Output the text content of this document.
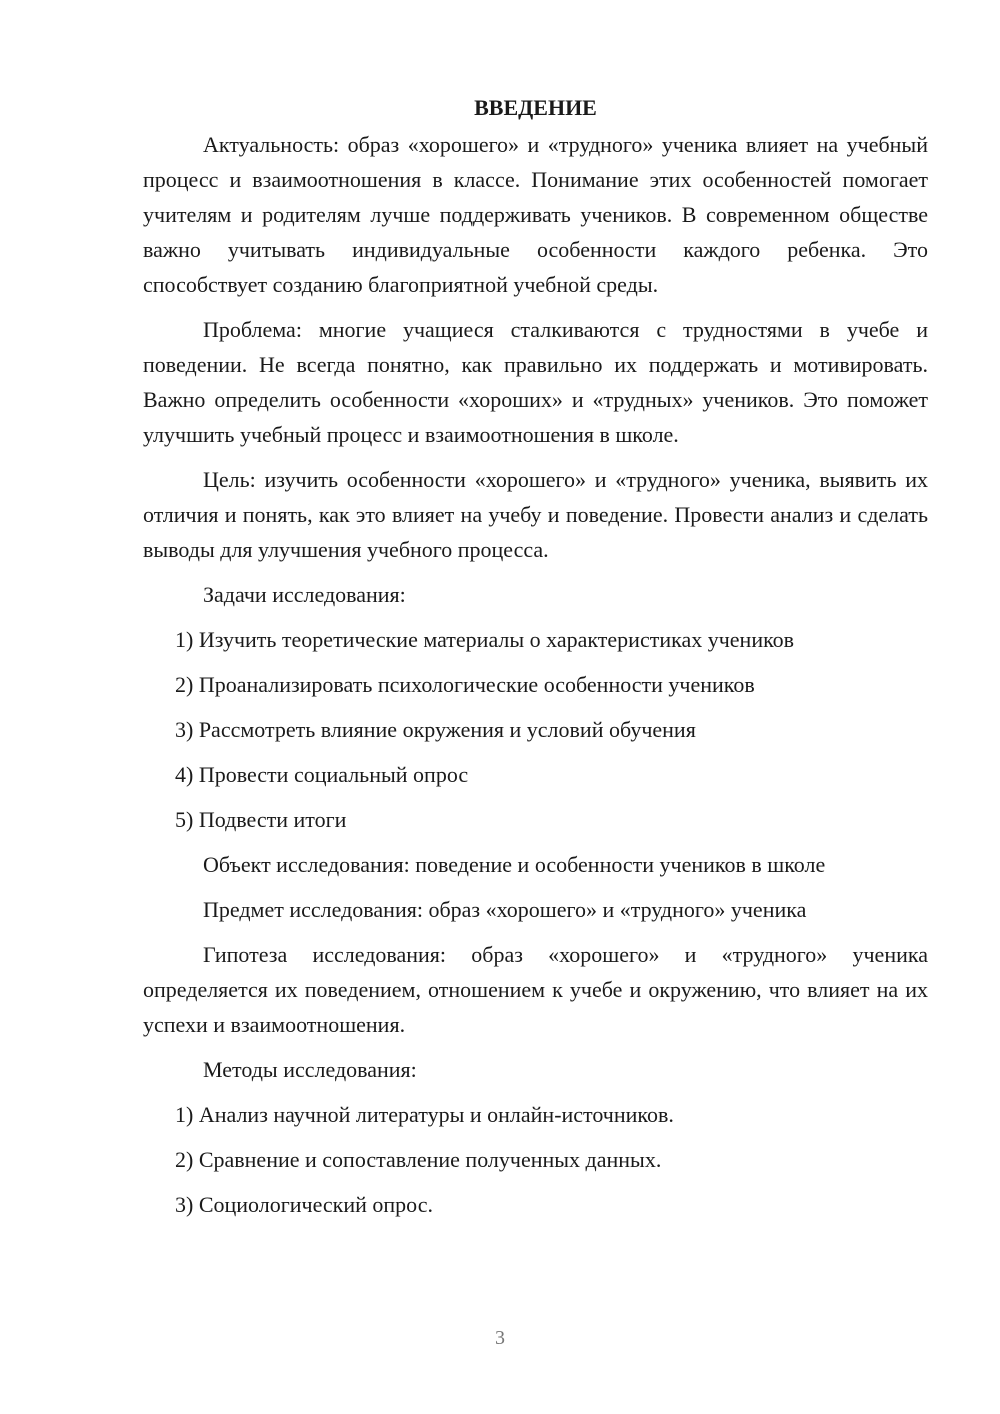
ВВЕДЕНИЕ

Актуальность: образ «хорошего» и «трудного» ученика влияет на учебный процесс и взаимоотношения в классе. Понимание этих особенностей помогает учителям и родителям лучше поддерживать учеников. В современном обществе важно учитывать индивидуальные особенности каждого ребенка. Это способствует созданию благоприятной учебной среды.

Проблема: многие учащиеся сталкиваются с трудностями в учебе и поведении. Не всегда понятно, как правильно их поддержать и мотивировать. Важно определить особенности «хороших» и «трудных» учеников. Это поможет улучшить учебный процесс и взаимоотношения в школе.

Цель: изучить особенности «хорошего» и «трудного» ученика, выявить их отличия и понять, как это влияет на учебу и поведение. Провести анализ и сделать выводы для улучшения учебного процесса.

Задачи исследования:

1) Изучить теоретические материалы о характеристиках учеников
2) Проанализировать психологические особенности учеников
3) Рассмотреть влияние окружения и условий обучения
4) Провести социальный опрос
5) Подвести итоги

Объект исследования: поведение и особенности учеников в школе

Предмет исследования: образ «хорошего» и «трудного» ученика

Гипотеза исследования: образ «хорошего» и «трудного» ученика определяется их поведением, отношением к учебе и окружению, что влияет на их успехи и взаимоотношения.

Методы исследования:

1) Анализ научной литературы и онлайн-источников.
2) Сравнение и сопоставление полученных данных.
3) Социологический опрос.
3
